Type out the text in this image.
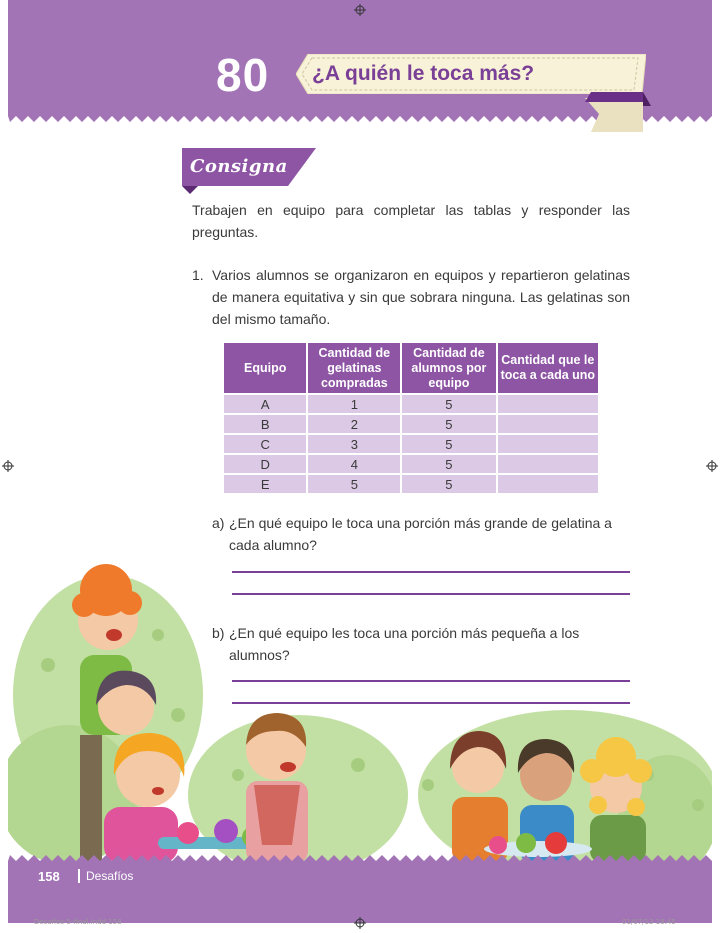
80 ¿A quién le toca más?
Consigna

Trabajen en equipo para completar las tablas y responder las preguntas.

1. Varios alumnos se organizaron en equipos y repartieron gelatinas de manera equitativa y sin que sobrara ninguna. Las gelatinas son del mismo tamaño.

Equipo	Cantidad de gelatinas compradas	Cantidad de alumnos por equipo	Cantidad que le toca a cada uno
A	1	5	
B	2	5	
C	3	5	
D	4	5	
E	5	5	
a) ¿En qué equipo le toca una porción más grande de gelatina a cada alumno?

b) ¿En qué equipo les toca una porción más pequeña a los alumnos?

158 Desafíos
Desafios-5-final.indd 158	01/07/13 18:45
